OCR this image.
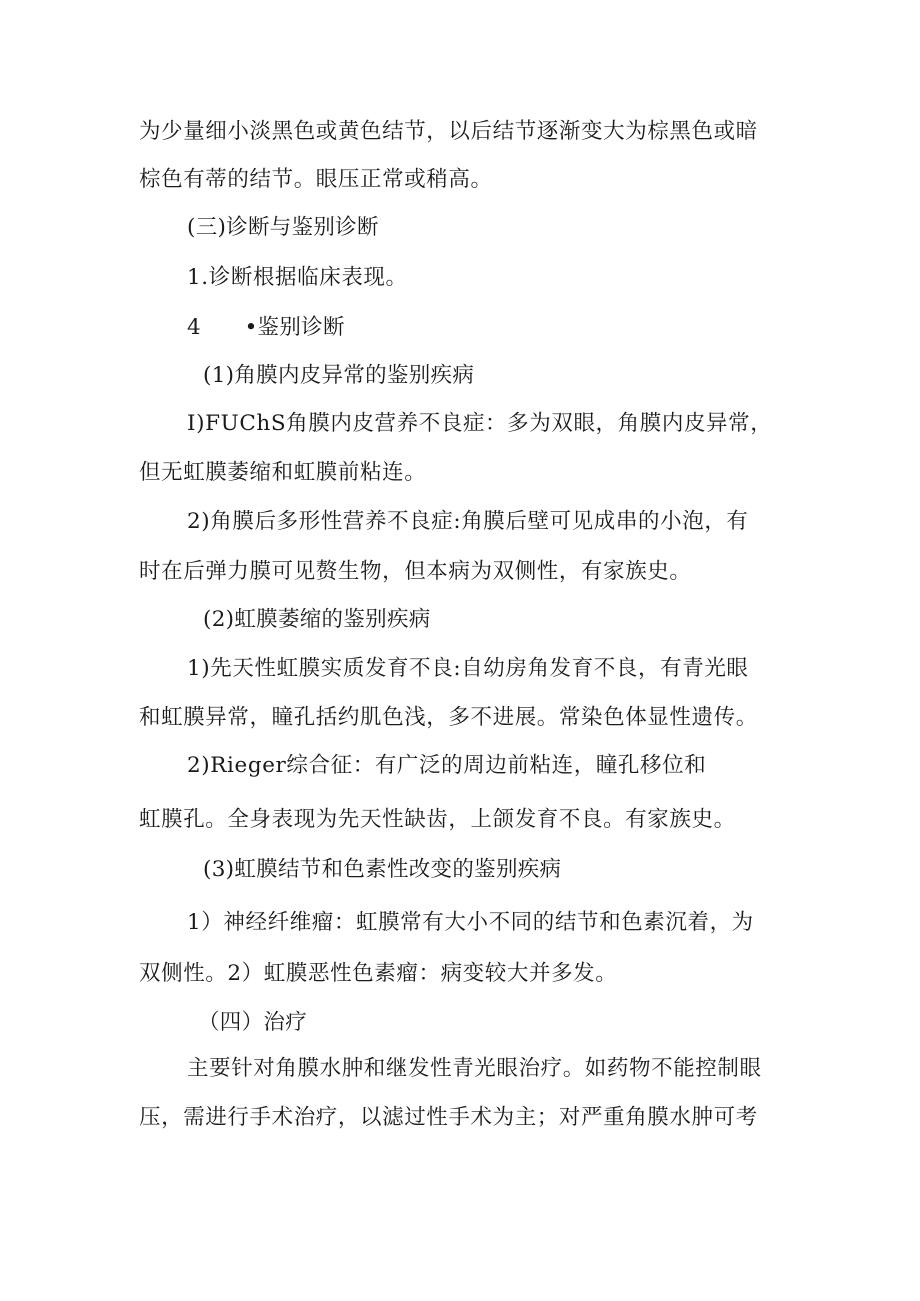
为少量细小淡黑色或黄色结节，以后结节逐渐变大为棕黑色或暗
棕色有蒂的结节。眼压正常或稍高。
(三)诊断与鉴别诊断
1.诊断根据临床表现。
4　　•鉴别诊断
(1)角膜内皮异常的鉴别疾病
I)FUChS角膜内皮营养不良症：多为双眼，角膜内皮异常，
但无虹膜萎缩和虹膜前粘连。
2)角膜后多形性营养不良症:角膜后壁可见成串的小泡，有
时在后弹力膜可见赘生物，但本病为双侧性，有家族史。
(2)虹膜萎缩的鉴别疾病
1)先天性虹膜实质发育不良:自幼房角发育不良，有青光眼
和虹膜异常，瞳孔括约肌色浅，多不进展。常染色体显性遗传。
2)Rieger综合征：有广泛的周边前粘连，瞳孔移位和
虹膜孔。全身表现为先天性缺齿，上颌发育不良。有家族史。
(3)虹膜结节和色素性改变的鉴别疾病
1）神经纤维瘤：虹膜常有大小不同的结节和色素沉着，为
双侧性。2）虹膜恶性色素瘤：病变较大并多发。
（四）治疗
主要针对角膜水肿和继发性青光眼治疗。如药物不能控制眼
压，需进行手术治疗，以滤过性手术为主；对严重角膜水肿可考
